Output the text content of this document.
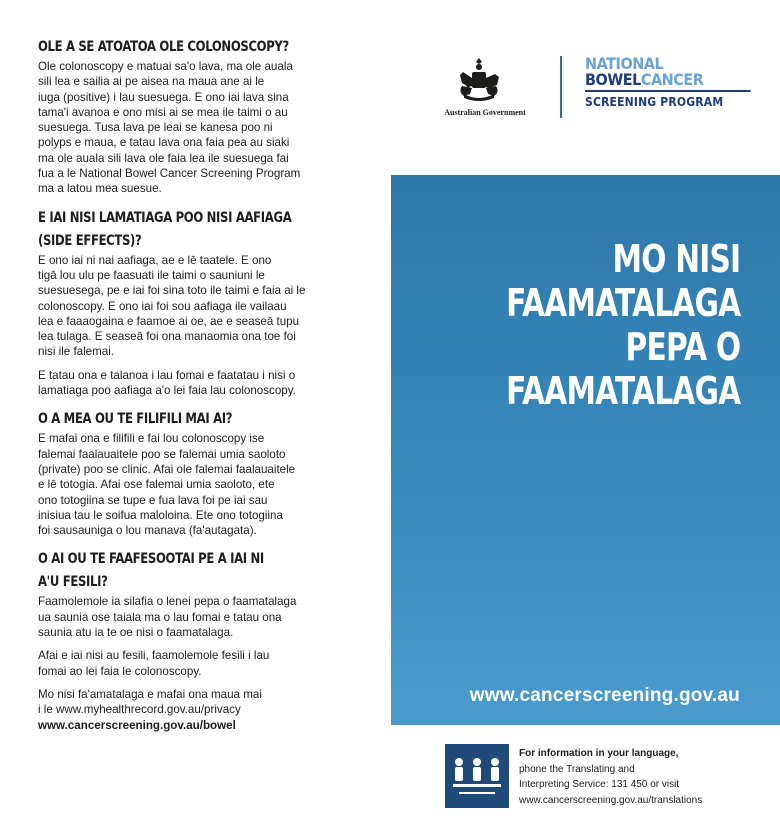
OLE A SE ATOATOA OLE COLONOSCOPY?

Ole colonoscopy e matuai sa'o lava, ma ole auala
sili lea e sailia ai pe aisea na maua ane ai le
iuga (positive) i lau suesuega. E ono iai lava sina
tama'i avanoa e ono misi ai se mea ile taimi o au
suesuega. Tusa lava pe leai se kanesa poo ni
polyps e maua, e tatau lava ona faia pea au siaki
ma ole auala sili lava ole faia lea ile suesuega fai
fua a le National Bowel Cancer Screening Program
ma a latou mea suesue.

E IAI NISI LAMATIAGA POO NISI AAFIAGA
(SIDE EFFECTS)?

E ono iai ni nai aafiaga, ae e lē taatele. E ono
tigā lou ulu pe faasuati ile taimi o sauniuni le
suesuesega, pe e iai foi sina toto ile taimi e faia ai le
colonoscopy. E ono iai foi sou aafiaga ile vailaau
lea e faaaogaina e faamoe ai oe, ae e seaseā tupu
lea tulaga. E seaseā foi ona manaomia ona toe foi
nisi ile falemai.

E tatau ona e talanoa i lau fomai e faatatau i nisi o
lamatiaga poo aafiaga a'o lei faia lau colonoscopy.

O A MEA OU TE FILIFILI MAI AI?

E mafai ona e filifili e fai lou colonoscopy ise
falemai faalauaitele poo se falemai umia saoloto
(private) poo se clinic. Afai ole falemai faalauaitele
e lē totogia. Afai ose falemai umia saoloto, ete
ono totogiina se tupe e fua lava foi pe iai sau
inisiua tau le soifua maloloina. Ete ono totogiina
foi sausauniga o lou manava (fa'autagata).

O AI OU TE FAAFESOOTAI PE A IAI NI
A'U FESILI?

Faamolemole ia silafia o lenei pepa o faamatalaga
ua saunia ose taiala ma o lau fomai e tatau ona
saunia atu ia te oe nisi o faamatalaga.

Afai e iai nisi au fesili, faamolemole fesili i lau
fomai ao lei faia le colonoscopy.

Mo nisi fa'amatalaga e mafai ona maua mai
i le www.myhealthrecord.gov.au/privacy
www.cancerscreening.gov.au/bowel

Australian Government
NATIONAL
BOWELCANCER
SCREENING PROGRAM
MO NISI
FAAMATALAGA
PEPA O
FAAMATALAGA
www.cancerscreening.gov.au
For information in your language,
phone the Translating and
Interpreting Service: 131 450 or visit
www.cancerscreening.gov.au/translations
